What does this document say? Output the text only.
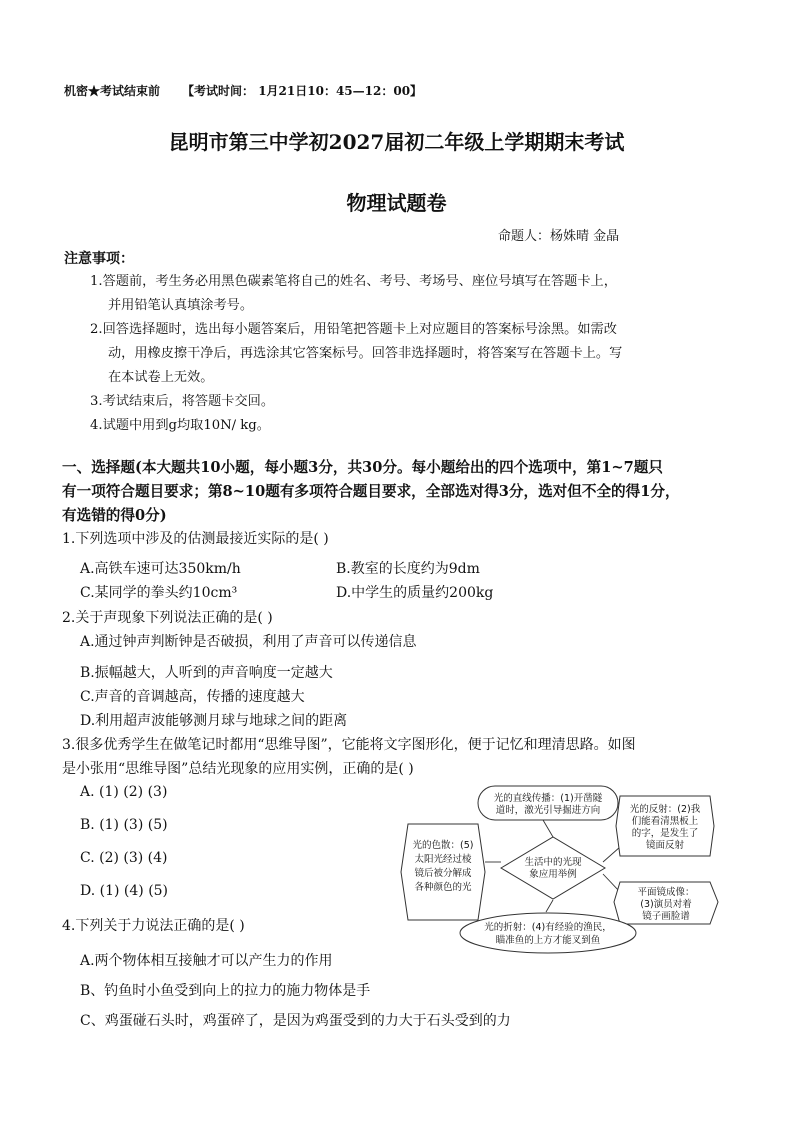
机密★考试结束前 【考试时间： 1月21日10：45—12：00】
昆明市第三中学初2027届初二年级上学期期末考试
物理试题卷
命题人：杨姝晴 金晶
注意事项：
1.答题前，考生务必用黑色碳素笔将自己的姓名、考号、考场号、座位号填写在答题卡上，
并用铅笔认真填涂考号。
2.回答选择题时，选出每小题答案后，用铅笔把答题卡上对应题目的答案标号涂黑。如需改
动，用橡皮擦干净后，再选涂其它答案标号。回答非选择题时，将答案写在答题卡上。写
在本试卷上无效。
3.考试结束后，将答题卡交回。
4.试题中用到g均取10N/ kg。
一、选择题(本大题共10小题，每小题3分，共30分。每小题给出的四个选项中，第1~7题只
有一项符合题目要求；第8~10题有多项符合题目要求，全部选对得3分，选对但不全的得1分，
有选错的得0分)
1.下列选项中涉及的估测最接近实际的是( )
A.高铁车速可达350km/h	B.教室的长度约为9dm
C.某同学的拳头约10cm³	D.中学生的质量约200kg
2.关于声现象下列说法正确的是( )
A.通过钟声判断钟是否破损，利用了声音可以传递信息
B.振幅越大，人听到的声音响度一定越大
C.声音的音调越高，传播的速度越大
D.利用超声波能够测月球与地球之间的距离
3.很多优秀学生在做笔记时都用“思维导图”，它能将文字图形化，便于记忆和理清思路。如图
是小张用“思维导图”总结光现象的应用实例，正确的是( )
A. (1) (2) (3)
B. (1) (3) (5)
C. (2) (3) (4)
D. (1) (4) (5)
4.下列关于力说法正确的是( )
A.两个物体相互接触才可以产生力的作用
B、钓鱼时小鱼受到向上的拉力的施力物体是手
C、鸡蛋碰石头时，鸡蛋碎了，是因为鸡蛋受到的力大于石头受到的力
生活中的光现
象应用举例
光的直线传播：(1)开凿隧
道时，激光引导掘进方向
光的色散：(5)
太阳光经过棱
镜后被分解成
各种颜色的光
光的反射：(2)我
们能看清黑板上
的字，是发生了
镜面反射
平面镜成像：
(3)演员对着
镜子画脸谱
光的折射：(4)有经验的渔民，
瞄准鱼的上方才能叉到鱼
